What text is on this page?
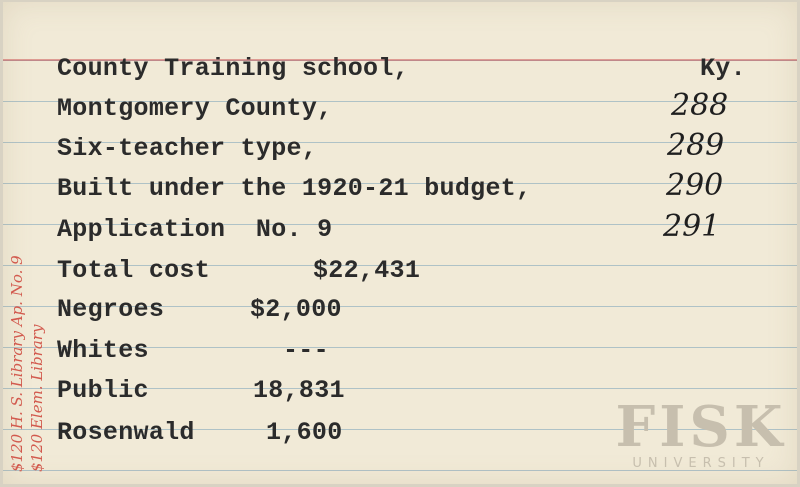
County Training school,	Ky.
Montgomery County,	288
Six-teacher type,	289
Built under the 1920-21 budget,	290
Application  No. 9	291
Total cost	$22,431
Negroes	$2,000
Whites	---
Public	18,831
Rosenwald	1,600
$120 H. S. Library Ap. No. 9 $120 Elem. Library	FISK
UNIVERSITY
